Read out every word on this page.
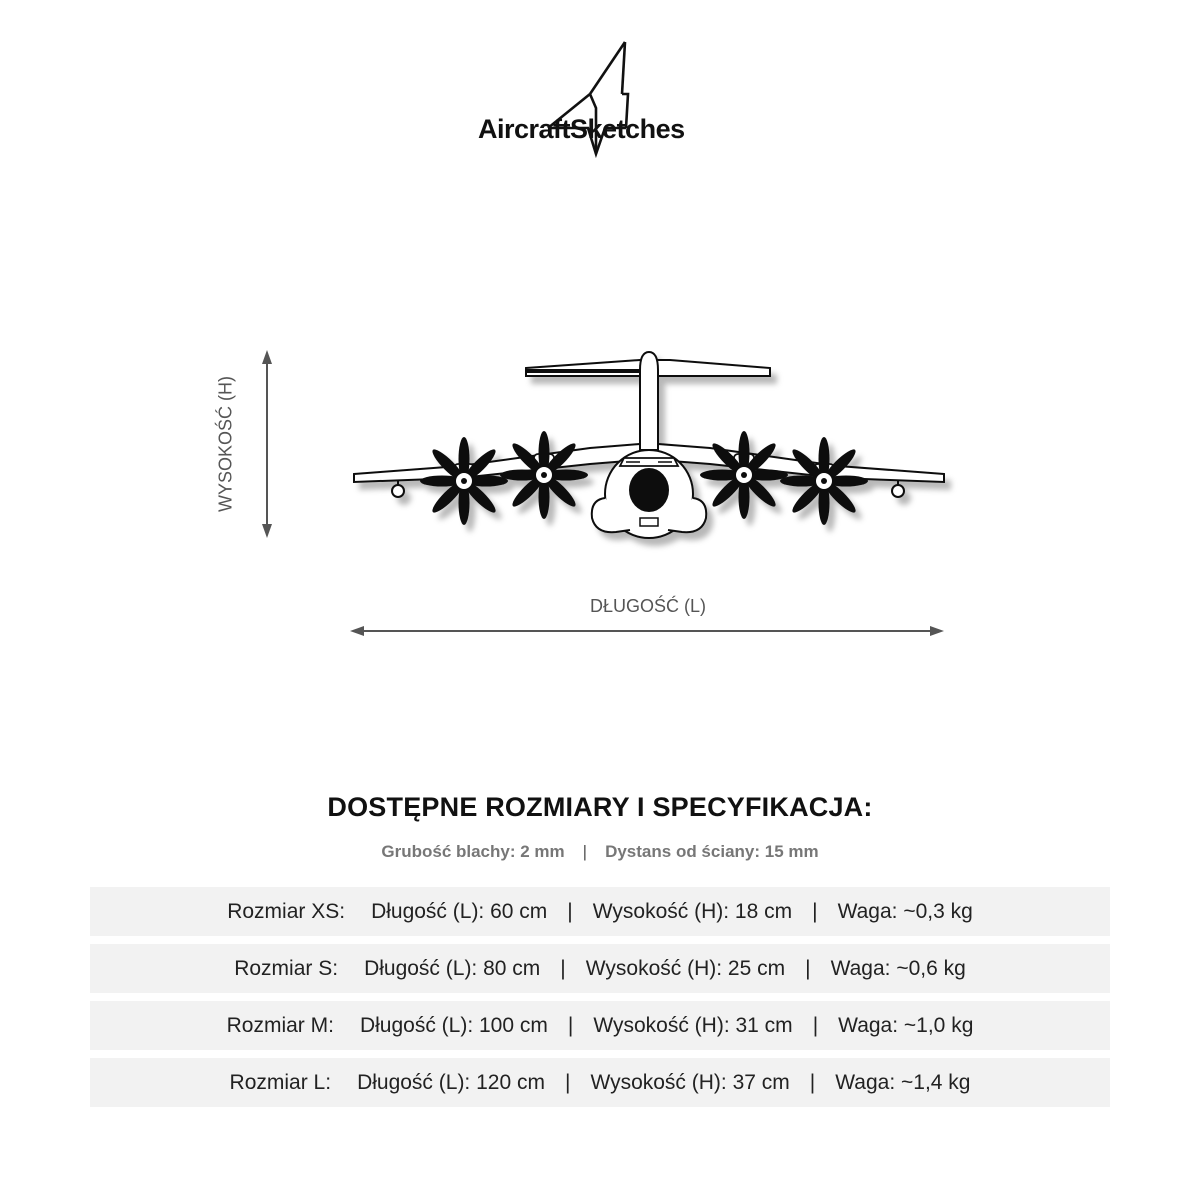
AircraftSketches
WYSOKOŚĆ (H)
DŁUGOŚĆ (L)
DOSTĘPNE ROZMIARY I SPECYFIKACJA:
Grubość blachy: 2 mm | Dystans od ściany: 15 mm
Rozmiar XS: Długość (L): 60 cm | Wysokość (H): 18 cm | Waga: ~0,3 kg
Rozmiar S: Długość (L): 80 cm | Wysokość (H): 25 cm | Waga: ~0,6 kg
Rozmiar M: Długość (L): 100 cm | Wysokość (H): 31 cm | Waga: ~1,0 kg
Rozmiar L: Długość (L): 120 cm | Wysokość (H): 37 cm | Waga: ~1,4 kg
